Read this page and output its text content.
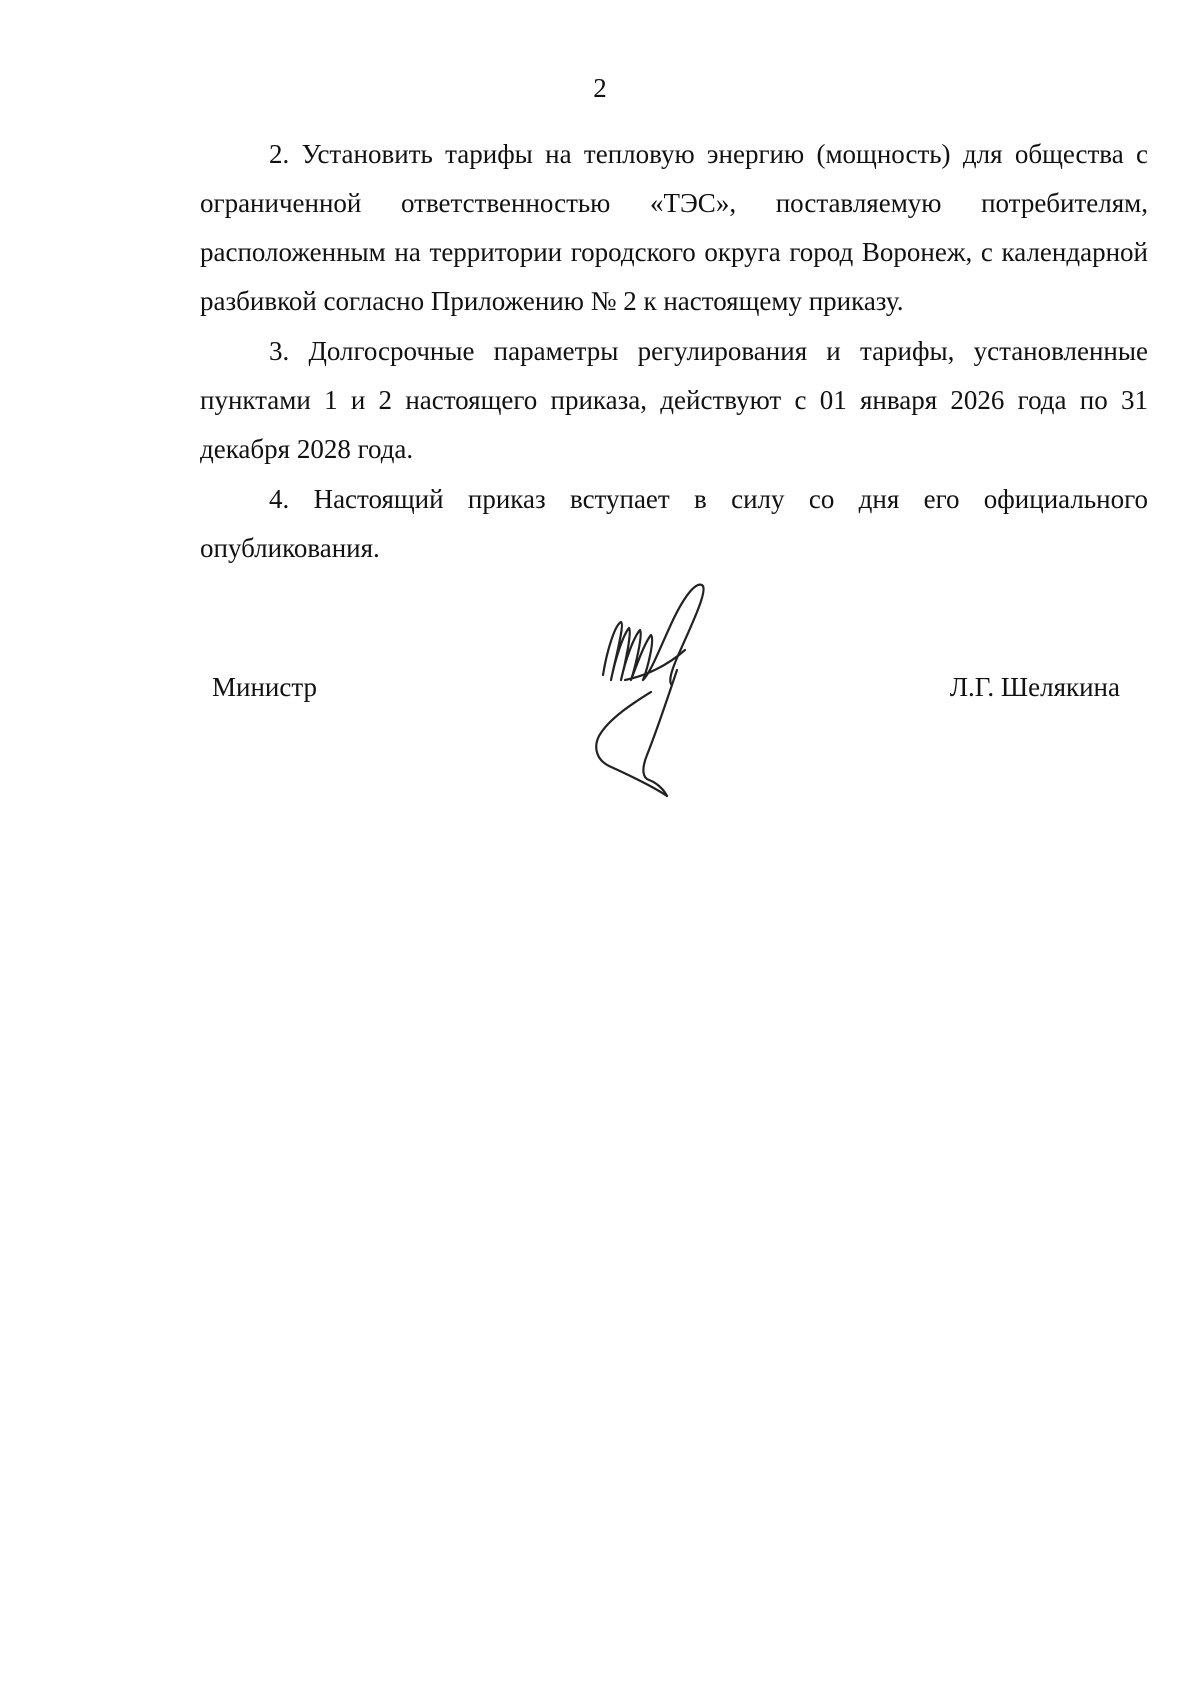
2

2. Установить тарифы на тепловую энергию (мощность) для общества с ограниченной ответственностью «ТЭС», поставляемую потребителям, расположенным на территории городского округа город Воронеж, с календарной разбивкой согласно Приложению № 2 к настоящему приказу.

3. Долгосрочные параметры регулирования и тарифы, установленные пунктами 1 и 2 настоящего приказа, действуют с 01 января 2026 года по 31 декабря 2028 года.

4. Настоящий приказ вступает в силу со дня его официального опубликования.

Министр	Л.Г. Шелякина
